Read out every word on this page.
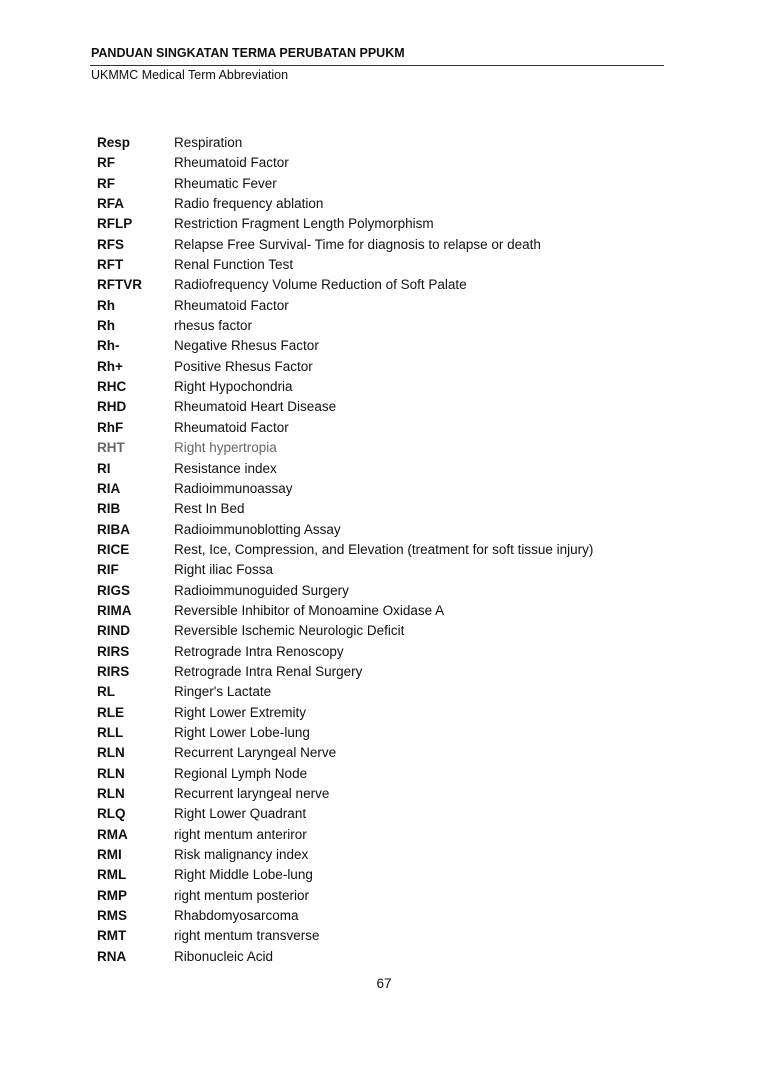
PANDUAN SINGKATAN TERMA PERUBATAN PPUKM
UKMMC Medical Term Abbreviation
Resp	Respiration
RF	Rheumatoid Factor
RF	Rheumatic Fever
RFA	Radio frequency ablation
RFLP	Restriction Fragment Length Polymorphism
RFS	Relapse Free Survival- Time for diagnosis to relapse or death
RFT	Renal Function Test
RFTVR Radiofrequency Volume Reduction of Soft Palate
Rh	Rheumatoid Factor
Rh	rhesus factor
Rh-	Negative Rhesus Factor
Rh+	Positive Rhesus Factor
RHC	Right Hypochondria
RHD	Rheumatoid Heart Disease
RhF	Rheumatoid Factor
RHT	Right hypertropia
RI	Resistance index
RIA	Radioimmunoassay
RIB	Rest In Bed
RIBA	Radioimmunoblotting Assay
RICE	Rest, Ice, Compression, and Elevation (treatment for soft tissue injury)
RIF	Right iliac Fossa
RIGS	Radioimmunoguided Surgery
RIMA	Reversible Inhibitor of Monoamine Oxidase A
RIND	Reversible Ischemic Neurologic Deficit
RIRS	Retrograde Intra Renoscopy
RIRS	Retrograde Intra Renal Surgery
RL	Ringer's Lactate
RLE	Right Lower Extremity
RLL	Right Lower Lobe-lung
RLN	Recurrent Laryngeal Nerve
RLN	Regional Lymph Node
RLN	Recurrent laryngeal nerve
RLQ	Right Lower Quadrant
RMA	right mentum anteriror
RMI	Risk malignancy index
RML	Right Middle Lobe-lung
RMP	right mentum posterior
RMS	Rhabdomyosarcoma
RMT	right mentum transverse
RNA	Ribonucleic Acid
67
